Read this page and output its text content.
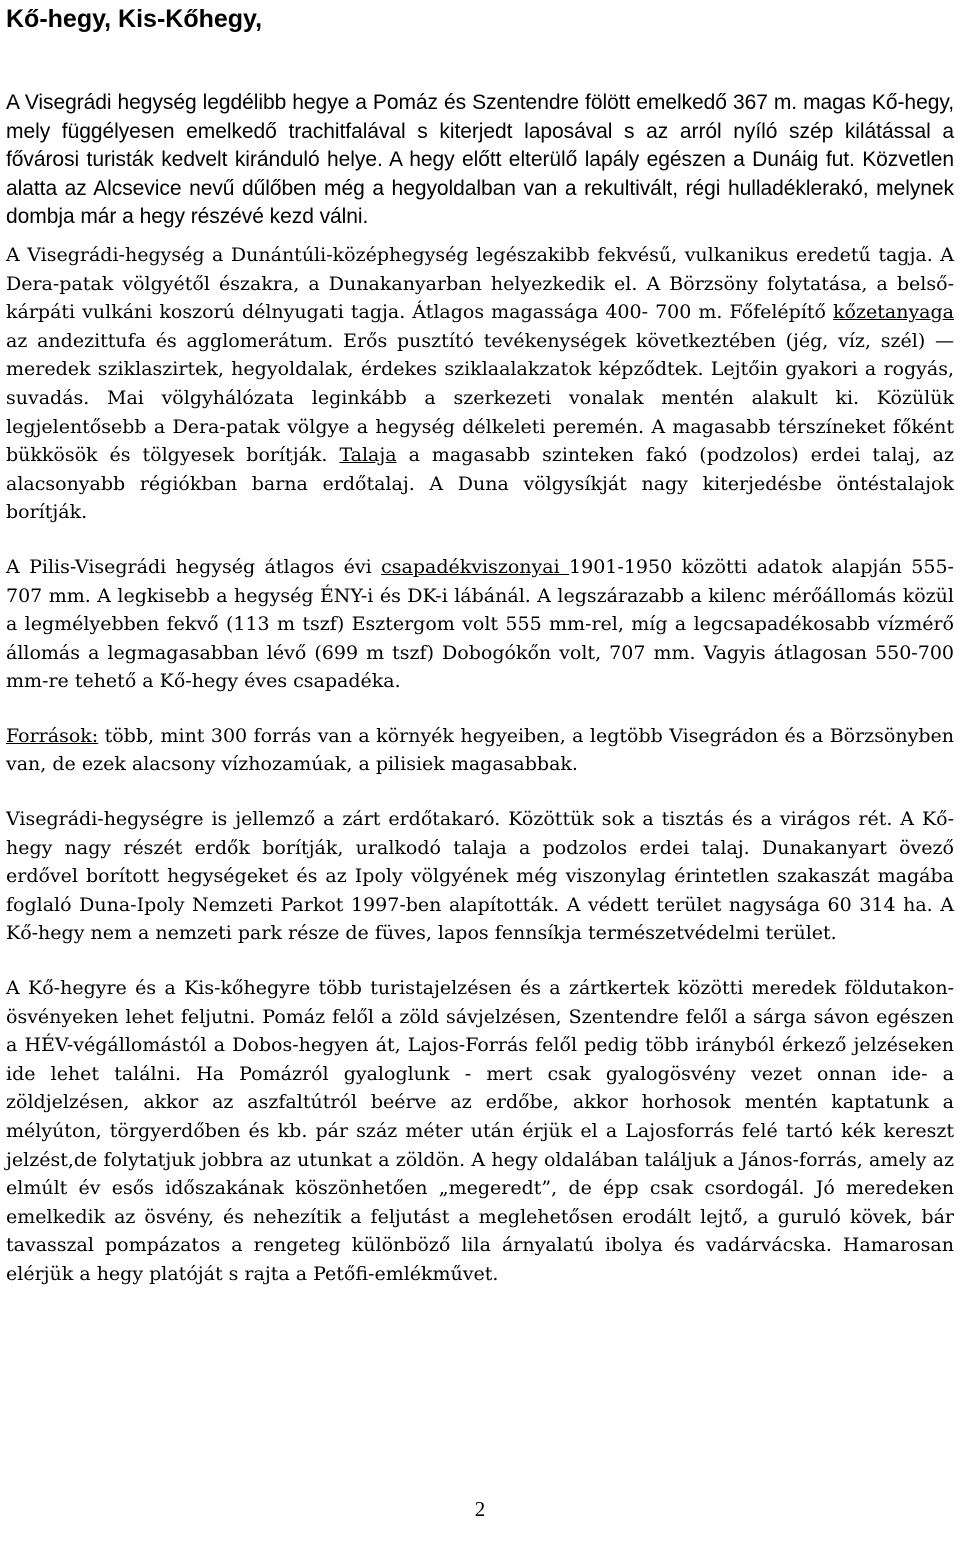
Kő-hegy, Kis-Kőhegy,

A Visegrádi hegység legdélibb hegye a Pomáz és Szentendre fölött emelkedő 367 m. magas Kő-hegy, mely függélyesen emelkedő trachitfalával s kiterjedt laposával s az arról nyíló szép kilátással a fővárosi turisták kedvelt kiránduló helye. A hegy előtt elterülő lapály egészen a Dunáig fut. Közvetlen alatta az Alcsevice nevű dűlőben még a hegyoldalban van a rekultivált, régi hulladéklerakó, melynek dombja már a hegy részévé kezd válni.

A Visegrádi-hegység a Dunántúli-középhegység legészakibb fekvésű, vulkanikus eredetű tagja. A Dera-patak völgyétől északra, a Dunakanyarban helyezkedik el. A Börzsöny folytatása, a belső-kárpáti vulkáni koszorú délnyugati tagja. Átlagos magassága 400- 700 m. Főfelépítő kőzetanyaga az andezittufa és agglomerátum. Erős pusztító tevékenységek következtében (jég, víz, szél) — meredek sziklaszirtek, hegyoldalak, érdekes sziklaalakzatok képződtek. Lejtőin gyakori a rogyás, suvadás. Mai völgyhálózata leginkább a szerkezeti vonalak mentén alakult ki. Közülük legjelentősebb a Dera-patak völgye a hegység délkeleti peremén. A magasabb térszíneket főként bükkösök és tölgyesek borítják. Talaja a magasabb szinteken fakó (podzolos) erdei talaj, az alacsonyabb régiókban barna erdőtalaj. A Duna völgysíkját nagy kiterjedésbe öntéstalajok borítják.

A Pilis-Visegrádi hegység átlagos évi csapadékviszonyai 1901-1950 közötti adatok alapján 555-707 mm. A legkisebb a hegység ÉNY-i és DK-i lábánál. A legszárazabb a kilenc mérőállomás közül a legmélyebben fekvő (113 m tszf) Esztergom volt 555 mm-rel, míg a legcsapadékosabb vízmérő állomás a legmagasabban lévő (699 m tszf) Dobogókőn volt, 707 mm. Vagyis átlagosan 550-700 mm-re tehető a Kő-hegy éves csapadéka.

Források: több, mint 300 forrás van a környék hegyeiben, a legtöbb Visegrádon és a Börzsönyben van, de ezek alacsony vízhozamúak, a pilisiek magasabbak.

Visegrádi-hegységre is jellemző a zárt erdőtakaró. Közöttük sok a tisztás és a virágos rét. A Kő-hegy nagy részét erdők borítják, uralkodó talaja a podzolos erdei talaj. Dunakanyart övező erdővel borított hegységeket és az Ipoly völgyének még viszonylag érintetlen szakaszát magába foglaló Duna-Ipoly Nemzeti Parkot 1997-ben alapították. A védett terület nagysága 60 314 ha. A Kő-hegy nem a nemzeti park része de füves, lapos fennsíkja természetvédelmi terület.

A Kő-hegyre és a Kis-kőhegyre több turistajelzésen és a zártkertek közötti meredek földutakon-ösvényeken lehet feljutni. Pomáz felől a zöld sávjelzésen, Szentendre felől a sárga sávon egészen a HÉV-végállomástól a Dobos-hegyen át, Lajos-Forrás felől pedig több irányból érkező jelzéseken ide lehet találni. Ha Pomázról gyaloglunk - mert csak gyalogösvény vezet onnan ide- a zöldjelzésen, akkor az aszfaltútról beérve az erdőbe, akkor horhosok mentén kaptatunk a mélyúton, törgyerdőben és kb. pár száz méter után érjük el a Lajosforrás felé tartó kék kereszt jelzést,de folytatjuk jobbra az utunkat a zöldön. A hegy oldalában találjuk a János-forrás, amely az elmúlt év esős időszakának köszönhetően „megeredt”, de épp csak csordogál. Jó meredeken emelkedik az ösvény, és nehezítik a feljutást a meglehetősen erodált lejtő, a guruló kövek, bár tavasszal pompázatos a rengeteg különböző lila árnyalatú ibolya és vadárvácska. Hamarosan elérjük a hegy platóját s rajta a Petőfi-emlékművet.

2
